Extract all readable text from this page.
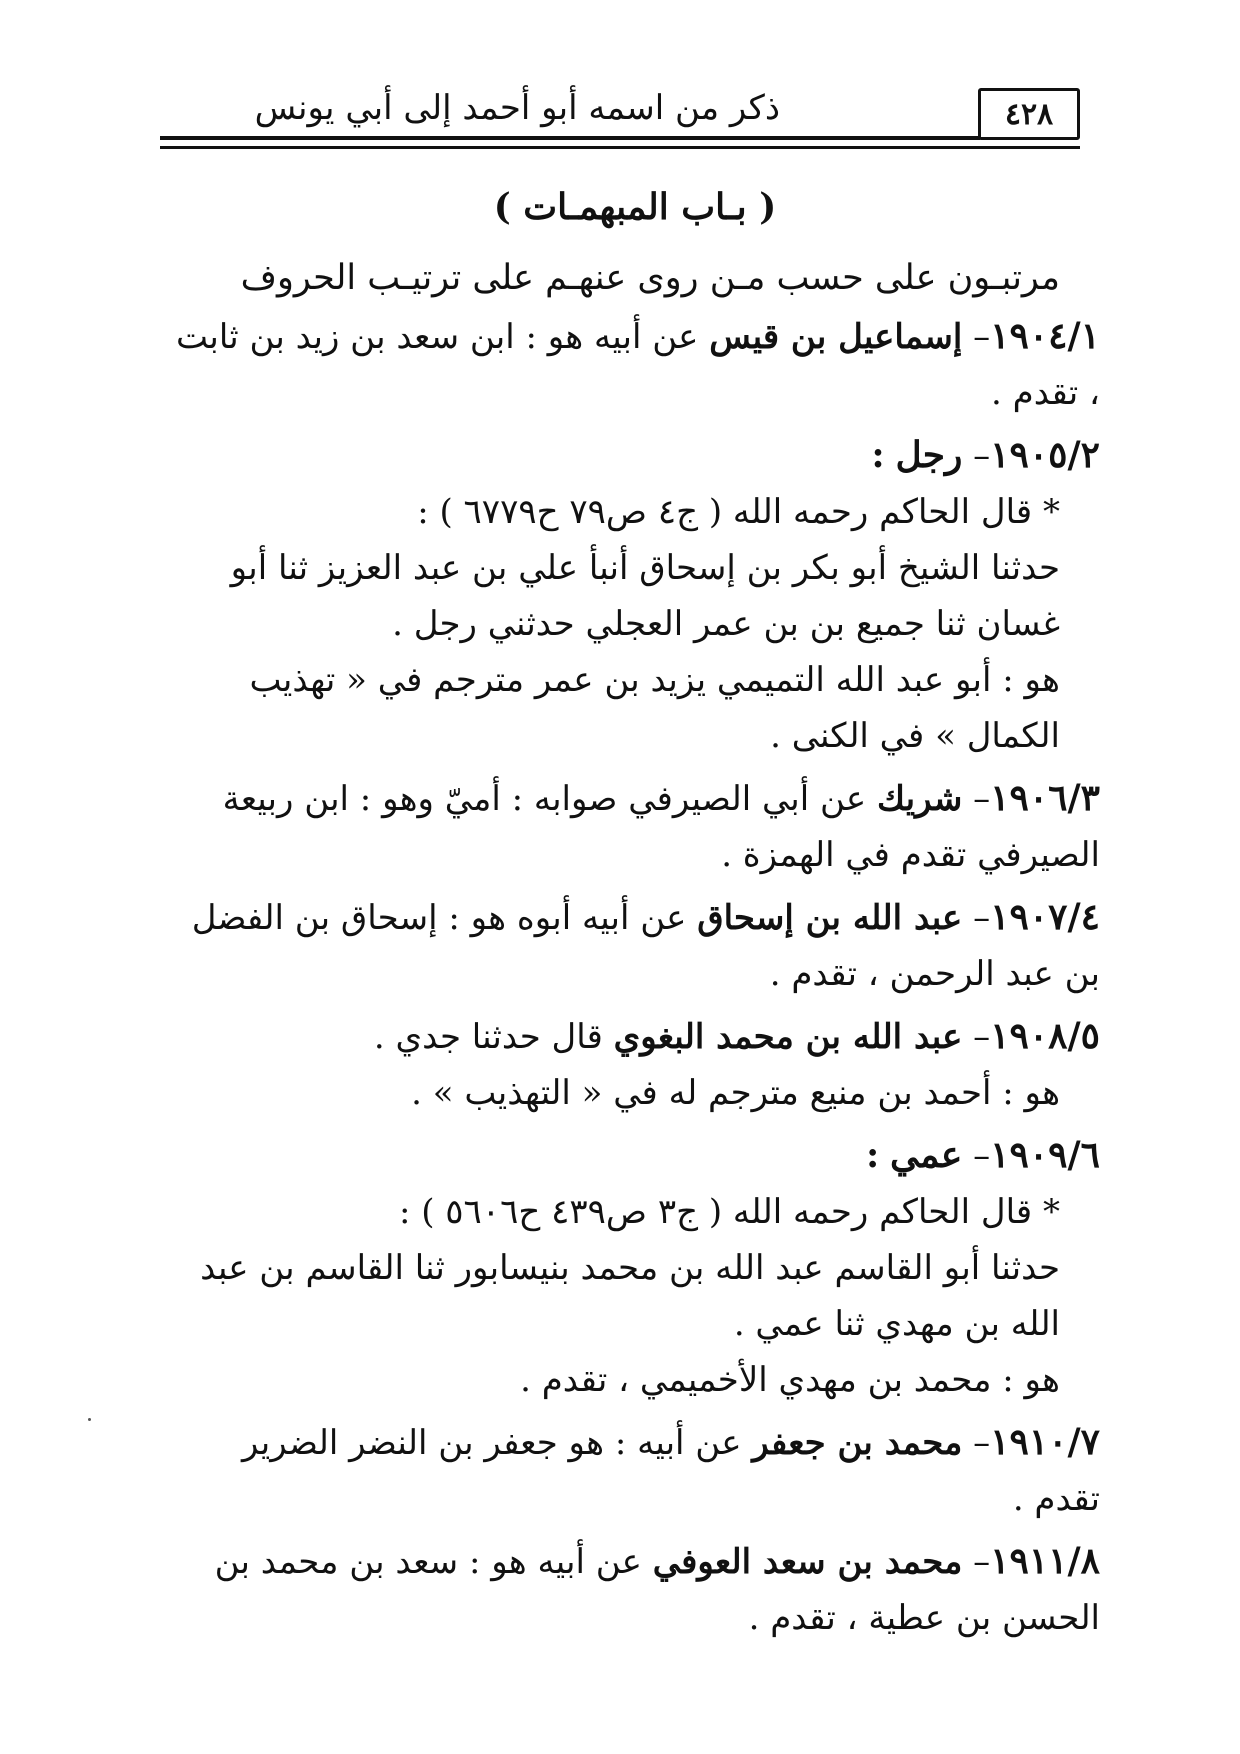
ذكر من اسمه أبو أحمد إلى أبي يونس	٤٢٨
( بـاب المبهمـات )
مرتبـون على حسب مـن روى عنهـم على ترتيـب الحروف

١٩٠٤/١– إسماعيل بن قيس عن أبيه هو : ابن سعد بن زيد بن ثابت ، تقدم .

١٩٠٥/٢– رجل :

* قال الحاكم رحمه الله ( ج٤ ص٧٩ ح٦٧٧٩ ) :

حدثنا الشيخ أبو بكر بن إسحاق أنبأ علي بن عبد العزيز ثنا أبو غسان ثنا جميع بن بن عمر العجلي حدثني رجل .

هو : أبو عبد الله التميمي يزيد بن عمر مترجم في « تهذيب الكمال » في الكنى .

١٩٠٦/٣– شريك عن أبي الصيرفي صوابه : أميّ وهو : ابن ربيعة الصيرفي تقدم في الهمزة .

١٩٠٧/٤– عبد الله بن إسحاق عن أبيه أبوه هو : إسحاق بن الفضل بن عبد الرحمن ، تقدم .

١٩٠٨/٥– عبد الله بن محمد البغوي قال حدثنا جدي .

هو : أحمد بن منيع مترجم له في « التهذيب » .

١٩٠٩/٦– عمي :

* قال الحاكم رحمه الله ( ج٣ ص٤٣٩ ح٥٦٠٦ ) :

حدثنا أبو القاسم عبد الله بن محمد بنيسابور ثنا القاسم بن عبد الله بن مهدي ثنا عمي .

هو : محمد بن مهدي الأخميمي ، تقدم .

١٩١٠/٧– محمد بن جعفر عن أبيه : هو جعفر بن النضر الضرير تقدم .

١٩١١/٨– محمد بن سعد العوفي عن أبيه هو : سعد بن محمد بن الحسن بن عطية ، تقدم .
